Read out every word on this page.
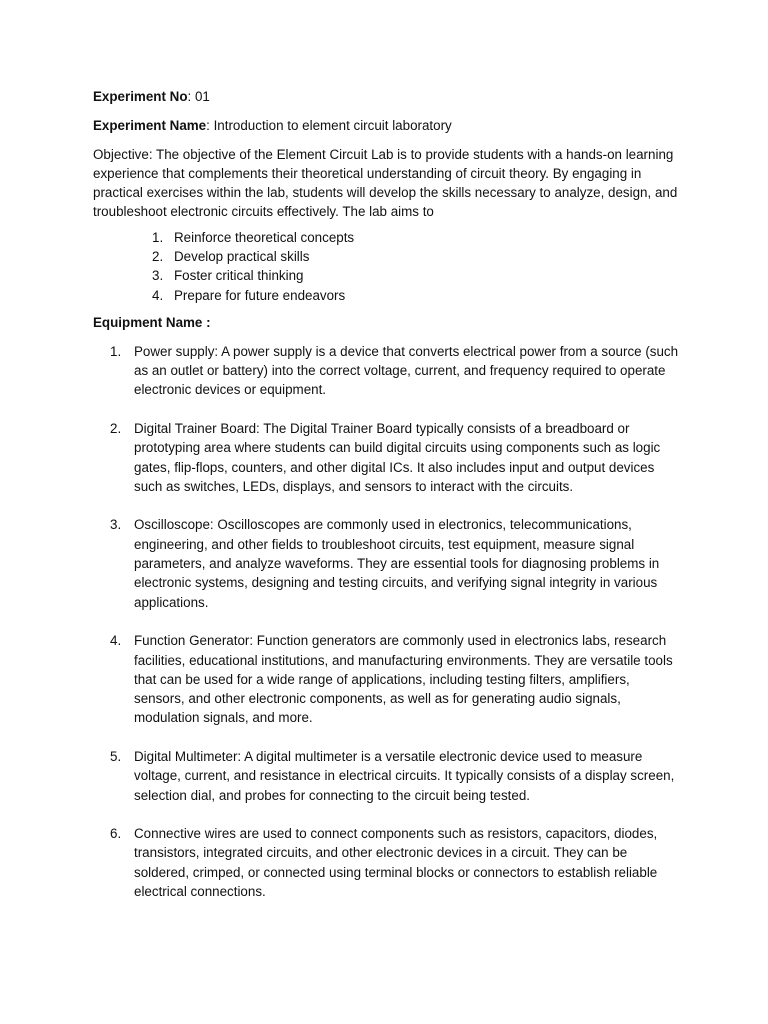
Experiment No: 01

Experiment Name: Introduction to element circuit laboratory

Objective: The objective of the Element Circuit Lab is to provide students with a hands-on learning experience that complements their theoretical understanding of circuit theory. By engaging in practical exercises within the lab, students will develop the skills necessary to analyze, design, and troubleshoot electronic circuits effectively. The lab aims to

1. Reinforce theoretical concepts
2. Develop practical skills
3. Foster critical thinking
4. Prepare for future endeavors

Equipment Name :

1. Power supply: A power supply is a device that converts electrical power from a source (such as an outlet or battery) into the correct voltage, current, and frequency required to operate electronic devices or equipment.
2. Digital Trainer Board: The Digital Trainer Board typically consists of a breadboard or prototyping area where students can build digital circuits using components such as logic gates, flip-flops, counters, and other digital ICs. It also includes input and output devices such as switches, LEDs, displays, and sensors to interact with the circuits.
3. Oscilloscope: Oscilloscopes are commonly used in electronics, telecommunications, engineering, and other fields to troubleshoot circuits, test equipment, measure signal parameters, and analyze waveforms. They are essential tools for diagnosing problems in electronic systems, designing and testing circuits, and verifying signal integrity in various applications.
4. Function Generator: Function generators are commonly used in electronics labs, research facilities, educational institutions, and manufacturing environments. They are versatile tools that can be used for a wide range of applications, including testing filters, amplifiers, sensors, and other electronic components, as well as for generating audio signals, modulation signals, and more.
5. Digital Multimeter: A digital multimeter is a versatile electronic device used to measure voltage, current, and resistance in electrical circuits. It typically consists of a display screen, selection dial, and probes for connecting to the circuit being tested.
6. Connective wires are used to connect components such as resistors, capacitors, diodes, transistors, integrated circuits, and other electronic devices in a circuit. They can be soldered, crimped, or connected using terminal blocks or connectors to establish reliable electrical connections.
